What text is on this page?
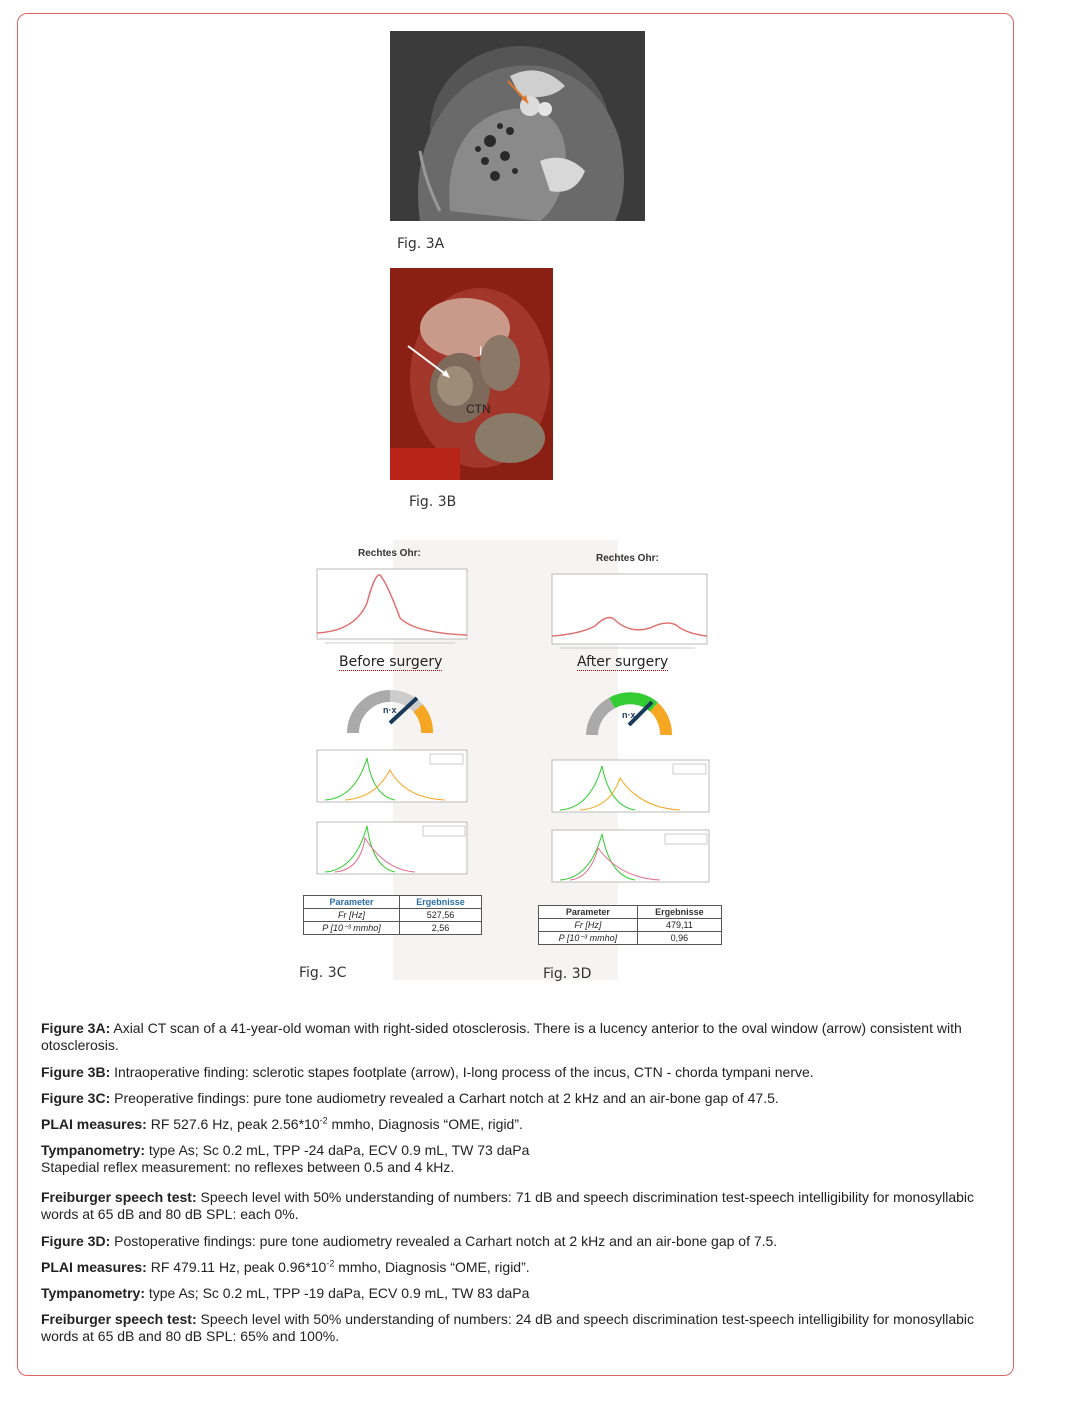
Fig. 3A
I
CTN
Fig. 3B
Rechtes Ohr:
Before surgery
n·x
Parameter	Ergebnisse
Fr [Hz]	527,56
P [10⁻³ mmho]	2,56
Fig. 3C
Rechtes Ohr:
After surgery
n·x
Parameter	Ergebnisse
Fr [Hz]	479,11
P [10⁻³ mmho]	0,96
Fig. 3D
Figure 3A: Axial CT scan of a 41-year-old woman with right-sided otosclerosis. There is a lucency anterior to the oval window (arrow) consistent with otosclerosis.
Figure 3B: Intraoperative finding: sclerotic stapes footplate (arrow), I-long process of the incus, CTN - chorda tympani nerve.
Figure 3C: Preoperative findings: pure tone audiometry revealed a Carhart notch at 2 kHz and an air-bone gap of 47.5.
PLAI measures: RF 527.6 Hz, peak $2.56*10^{-2}$ mmho, Diagnosis “OME, rigid”.
Tympanometry: type As; Sc 0.2 mL, TPP -24 daPa, ECV 0.9 mL, TW 73 daPa
Stapedial reflex measurement: no reflexes between 0.5 and 4 kHz.
Freiburger speech test: Speech level with 50% understanding of numbers: 71 dB and speech discrimination test-speech intelligibility for monosyllabic words at 65 dB and 80 dB SPL: each 0%.
Figure 3D: Postoperative findings: pure tone audiometry revealed a Carhart notch at 2 kHz and an air-bone gap of 7.5.
PLAI measures: RF 479.11 Hz, peak $0.96*10^{-2}$ mmho, Diagnosis “OME, rigid”.
Tympanometry: type As; Sc 0.2 mL, TPP -19 daPa, ECV 0.9 mL, TW 83 daPa
Freiburger speech test: Speech level with 50% understanding of numbers: 24 dB and speech discrimination test-speech intelligibility for monosyllabic words at 65 dB and 80 dB SPL: 65% and 100%.
